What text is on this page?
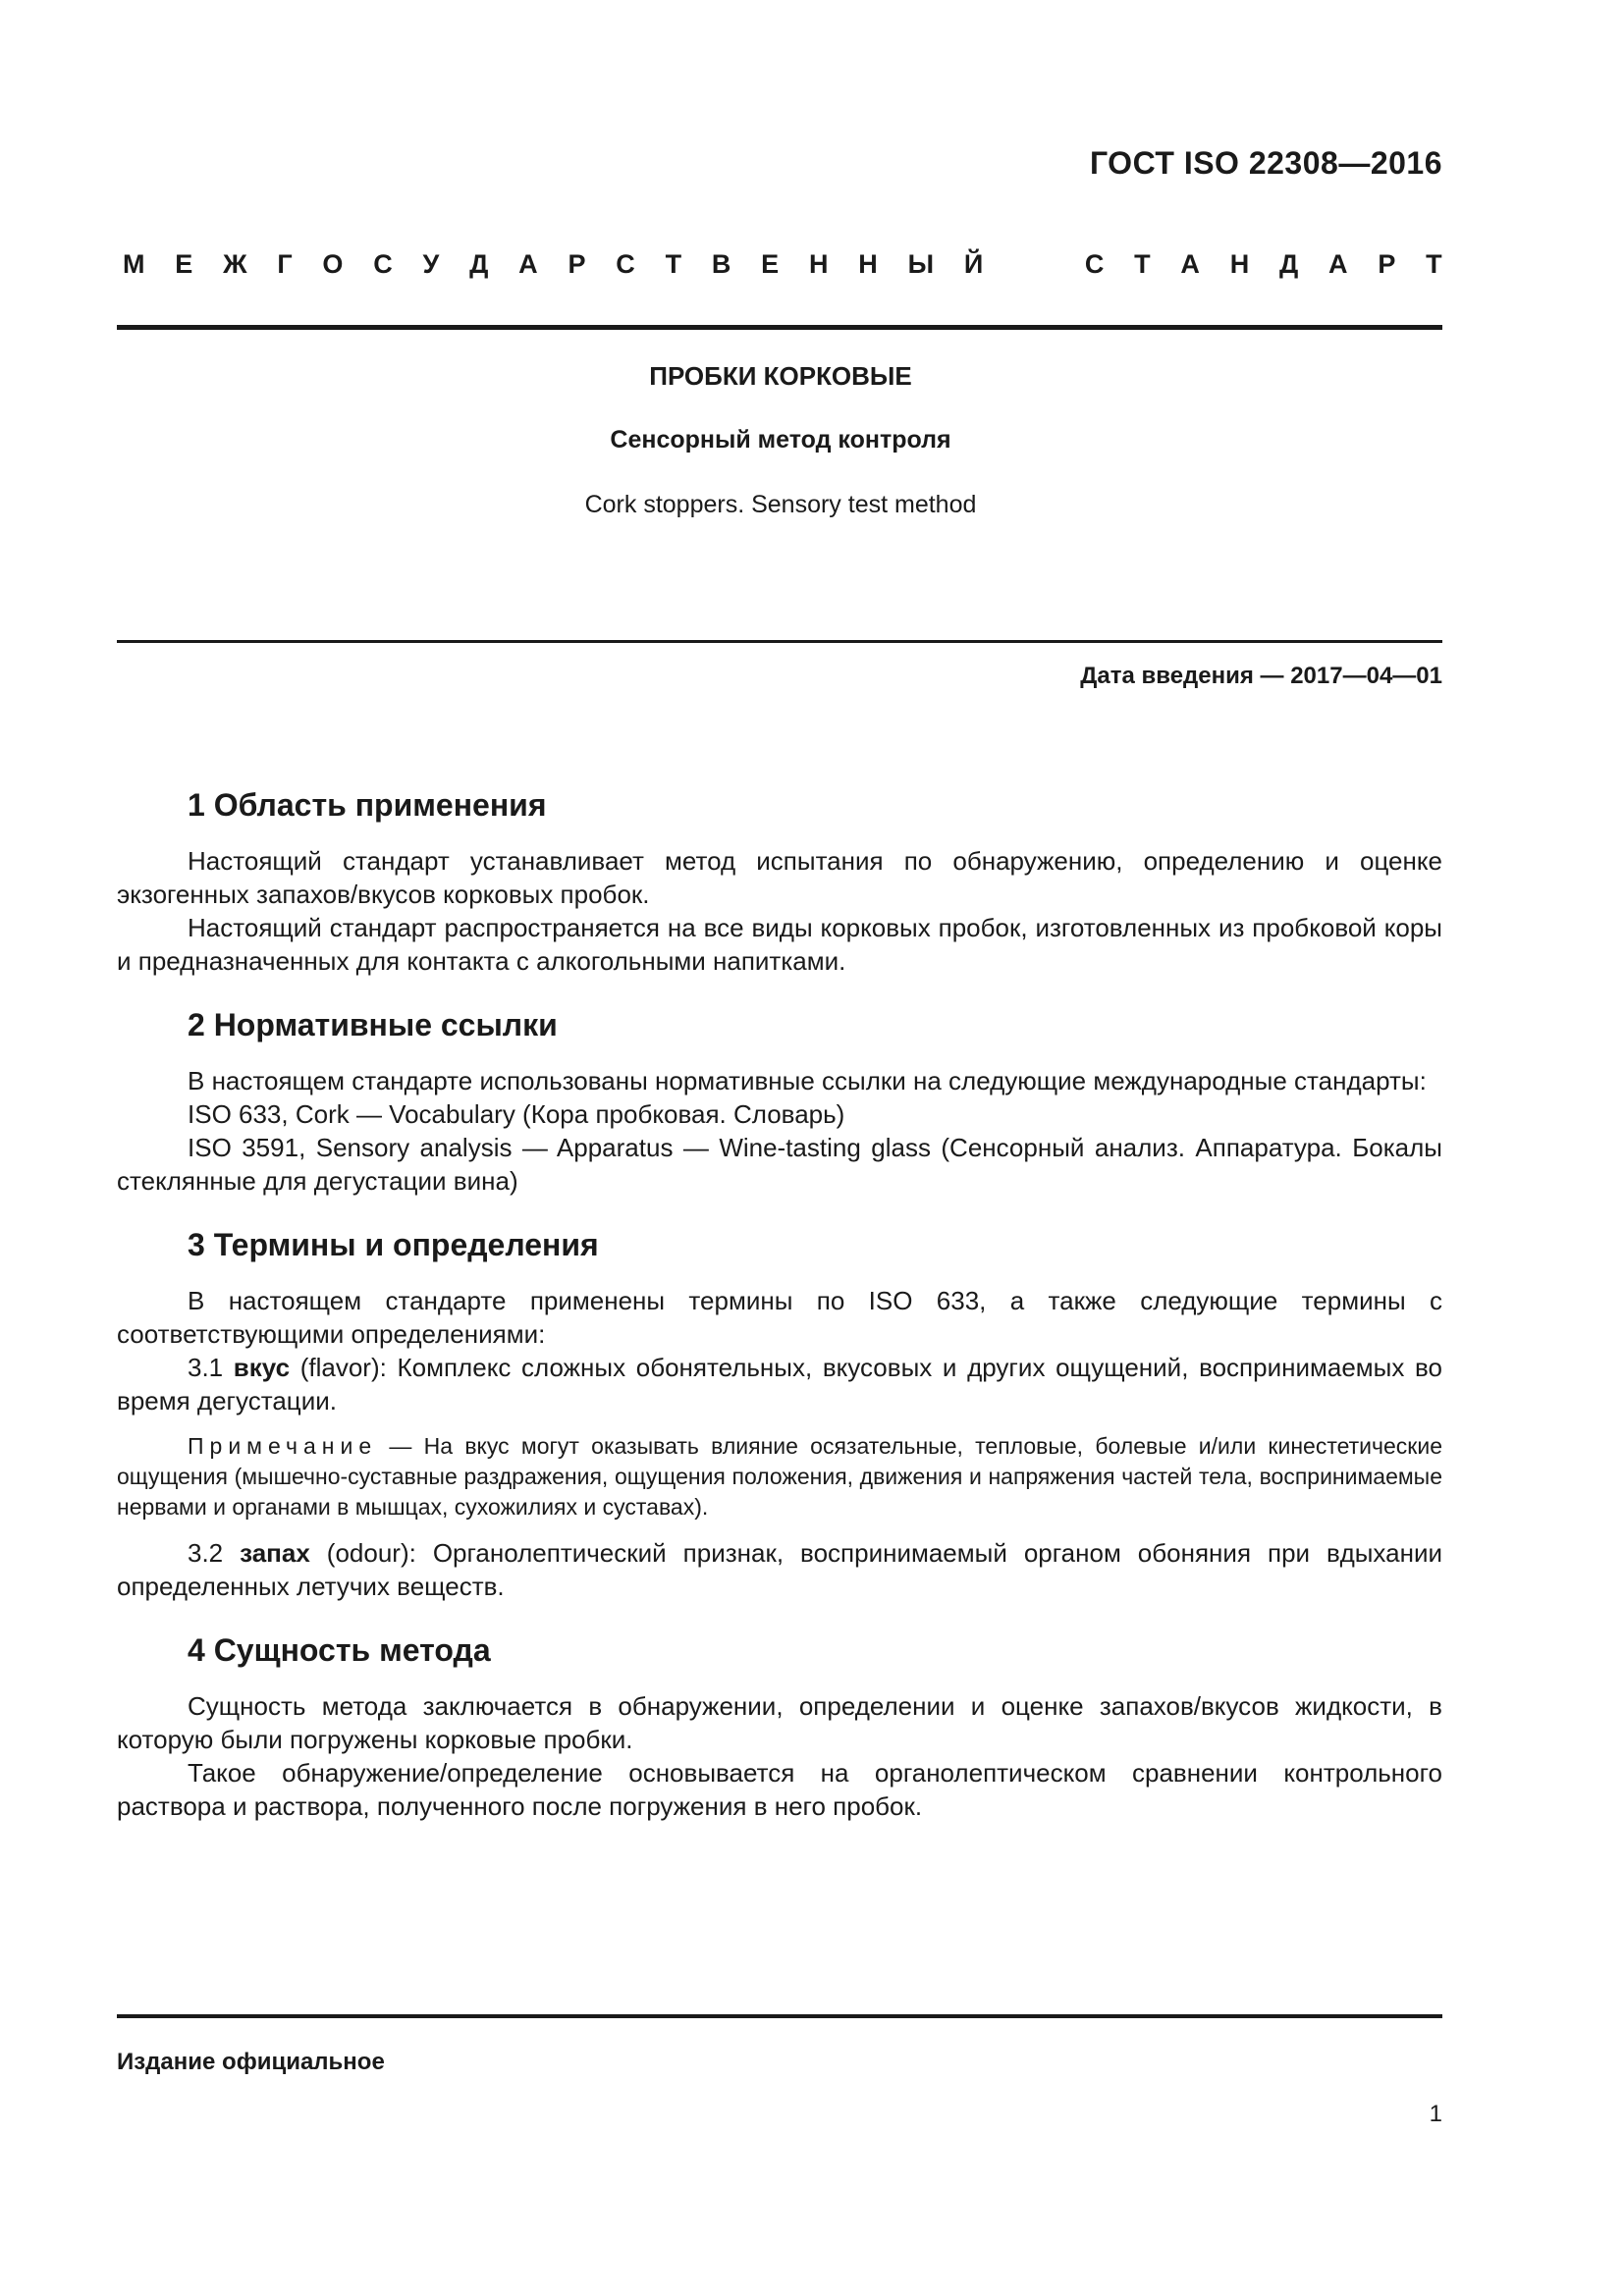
ГОСТ ISO 22308—2016
М Е Ж Г О С У Д А Р С Т В Е Н Н Ы Й	С Т А Н Д А Р Т
ПРОБКИ КОРКОВЫЕ
Сенсорный метод контроля
Cork stoppers. Sensory test method
Дата введения — 2017—04—01
1 Область применения

Настоящий стандарт устанавливает метод испытания по обнаружению, определению и оценке экзогенных запахов/вкусов корковых пробок.

Настоящий стандарт распространяется на все виды корковых пробок, изготовленных из пробковой коры и предназначенных для контакта с алкогольными напитками.

2 Нормативные ссылки

В настоящем стандарте использованы нормативные ссылки на следующие международные стандарты:

ISO 633, Cork — Vocabulary (Кора пробковая. Словарь)

ISO 3591, Sensory analysis — Apparatus — Wine-tasting glass (Сенсорный анализ. Аппаратура. Бокалы стеклянные для дегустации вина)

3 Термины и определения

В настоящем стандарте применены термины по ISO 633, а также следующие термины с соответствующими определениями:

3.1 вкус (flavor): Комплекс сложных обонятельных, вкусовых и других ощущений, воспринимаемых во время дегустации.

Примечание — На вкус могут оказывать влияние осязательные, тепловые, болевые и/или кинестетические ощущения (мышечно-суставные раздражения, ощущения положения, движения и напряжения частей тела, воспринимаемые нервами и органами в мышцах, сухожилиях и суставах).

3.2 запах (odour): Органолептический признак, воспринимаемый органом обоняния при вдыхании определенных летучих веществ.

4 Сущность метода

Сущность метода заключается в обнаружении, определении и оценке запахов/вкусов жидкости, в которую были погружены корковые пробки.

Такое обнаружение/определение основывается на органолептическом сравнении контрольного раствора и раствора, полученного после погружения в него пробок.

Издание официальное
1
